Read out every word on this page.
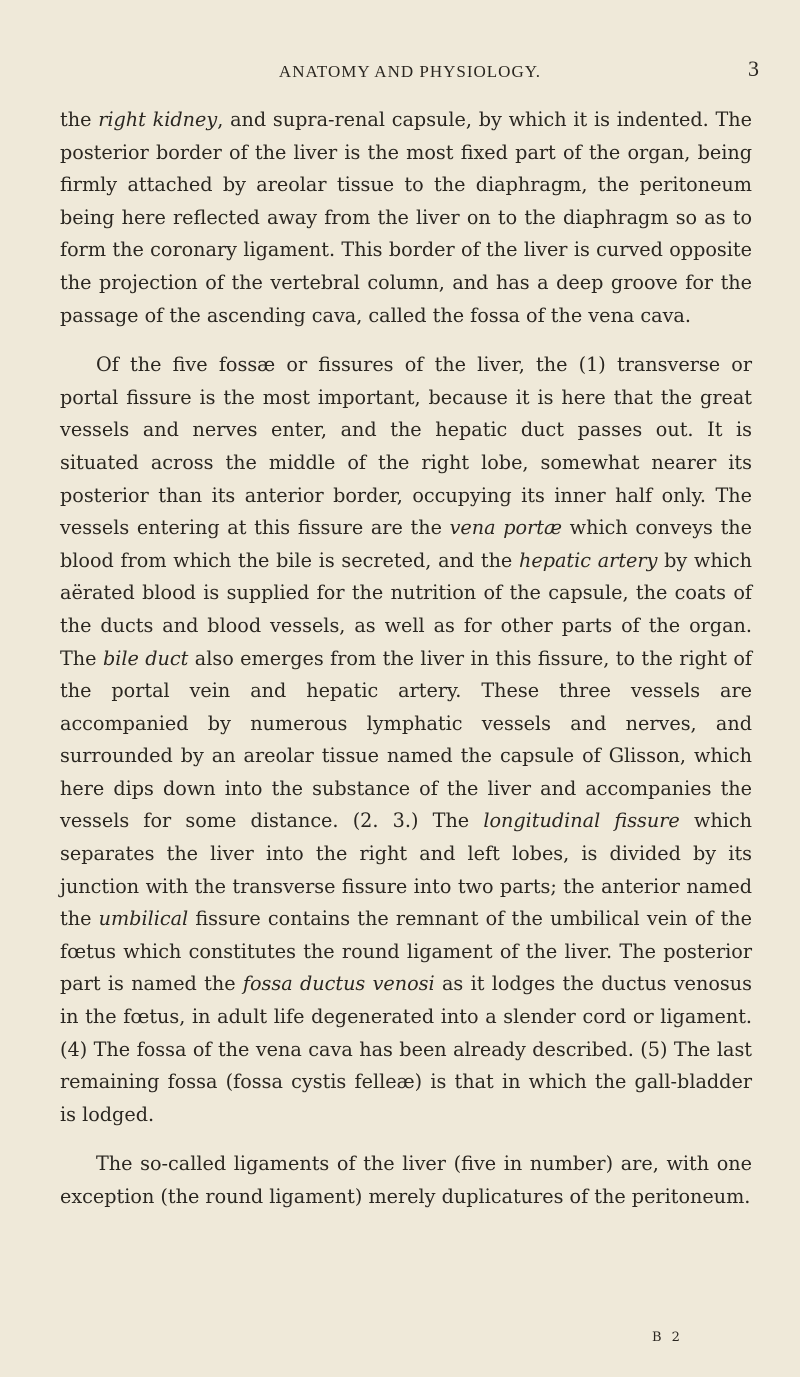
ANATOMY AND PHYSIOLOGY.	3

the right kidney, and supra-renal capsule, by which it is indented. The posterior border of the liver is the most fixed part of the organ, being firmly attached by areolar tissue to the diaphragm, the peritoneum being here reflected away from the liver on to the diaphragm so as to form the coronary ligament. This border of the liver is curved opposite the projection of the vertebral column, and has a deep groove for the passage of the ascending cava, called the fossa of the vena cava.

Of the five fossæ or fissures of the liver, the (1) transverse or portal fissure is the most important, because it is here that the great vessels and nerves enter, and the hepatic duct passes out. It is situated across the middle of the right lobe, somewhat nearer its posterior than its anterior border, occupying its inner half only. The vessels entering at this fissure are the vena portæ which conveys the blood from which the bile is secreted, and the hepatic artery by which aërated blood is supplied for the nutrition of the capsule, the coats of the ducts and blood vessels, as well as for other parts of the organ. The bile duct also emerges from the liver in this fissure, to the right of the portal vein and hepatic artery. These three vessels are accompanied by numerous lymphatic vessels and nerves, and surrounded by an areolar tissue named the capsule of Glisson, which here dips down into the substance of the liver and accompanies the vessels for some distance. (2. 3.) The longitudinal fissure which separates the liver into the right and left lobes, is divided by its junction with the transverse fissure into two parts; the anterior named the umbilical fissure contains the remnant of the umbilical vein of the fœtus which constitutes the round ligament of the liver. The posterior part is named the fossa ductus venosi as it lodges the ductus venosus in the fœtus, in adult life degenerated into a slender cord or ligament. (4) The fossa of the vena cava has been already described. (5) The last remaining fossa (fossa cystis felleæ) is that in which the gall-bladder is lodged.

The so-called ligaments of the liver (five in number) are, with one exception (the round ligament) merely duplicatures of the peritoneum.

B 2
